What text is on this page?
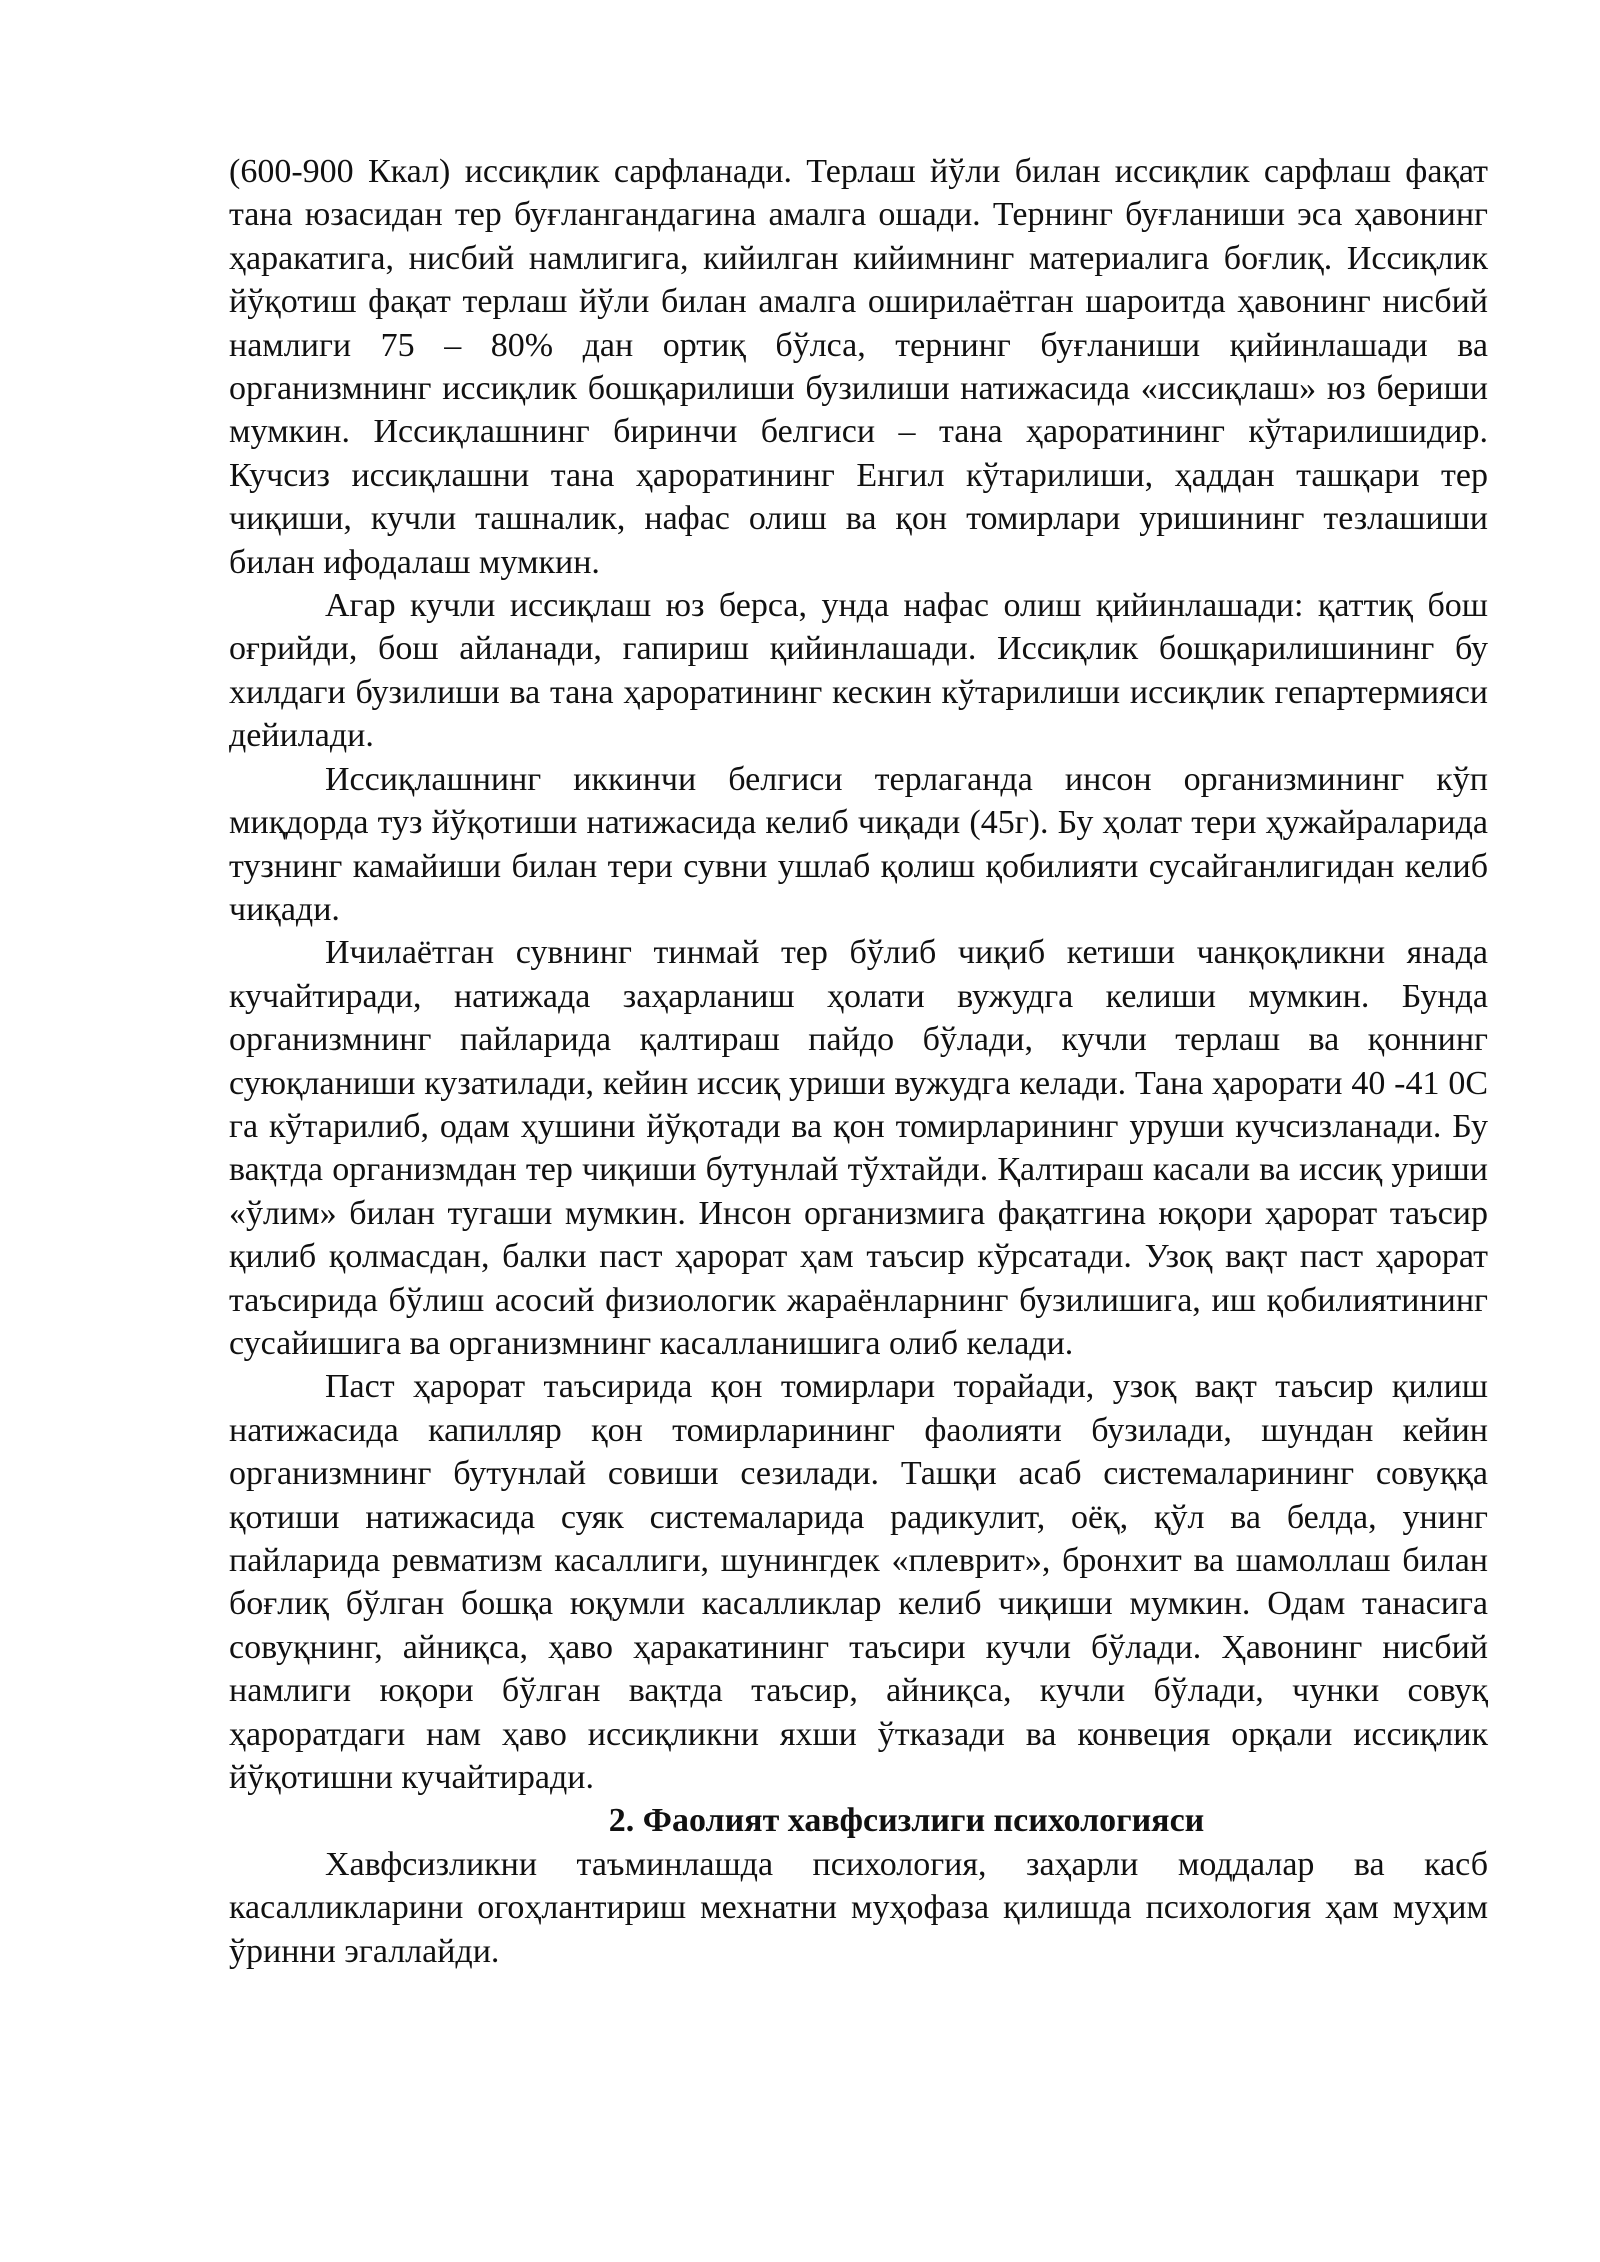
(600-900 Ккал) иссиқлик сарфланади. Терлаш йўли билан иссиқлик сарфлаш фақат тана юзасидан тер буғлангандагина амалга ошади. Тернинг буғланиши эса ҳавонинг ҳаракатига, нисбий намлигига, кийилган кийимнинг материалига боғлиқ. Иссиқлик йўқотиш фақат терлаш йўли билан амалга оширилаётган шароитда ҳавонинг нисбий намлиги 75 – 80% дан ортиқ бўлса, тернинг буғланиши қийинлашади ва организмнинг иссиқлик бошқарилиши бузилиши натижасида «иссиқлаш» юз бериши мумкин. Иссиқлашнинг биринчи белгиси – тана ҳароратининг кўтарилишидир. Кучсиз иссиқлашни тана ҳароратининг Енгил кўтарилиши, ҳаддан ташқари тер чиқиши, кучли ташналик, нафас олиш ва қон томирлари уришининг тезлашиши билан ифодалаш мумкин.

Агар кучли иссиқлаш юз берса, унда нафас олиш қийинлашади: қаттиқ бош оғрийди, бош айланади, гапириш қийинлашади. Иссиқлик бошқарилишининг бу хилдаги бузилиши ва тана ҳароратининг кескин кўтарилиши иссиқлик гепартермияси дейилади.

Иссиқлашнинг иккинчи белгиси терлаганда инсон организмининг кўп миқдорда туз йўқотиши натижасида келиб чиқади (45г). Бу ҳолат тери ҳужайраларида тузнинг камайиши билан тери сувни ушлаб қолиш қобилияти сусайганлигидан келиб чиқади.

Ичилаётган сувнинг тинмай тер бўлиб чиқиб кетиши чанқоқликни янада кучайтиради, натижада заҳарланиш ҳолати вужудга келиши мумкин. Бунда организмнинг пайларида қалтираш пайдо бўлади, кучли терлаш ва қоннинг суюқланиши кузатилади, кейин иссиқ уриши вужудга келади. Тана ҳарорати 40 -41 0С га кўтарилиб, одам ҳушини йўқотади ва қон томирларининг уруши кучсизланади. Бу вақтда организмдан тер чиқиши бутунлай тўхтайди. Қалтираш касали ва иссиқ уриши «ўлим» билан тугаши мумкин. Инсон организмига фақатгина юқори ҳарорат таъсир қилиб қолмасдан, балки паст ҳарорат ҳам таъсир кўрсатади. Узоқ вақт паст ҳарорат таъсирида бўлиш асосий физиологик жараёнларнинг бузилишига, иш қобилиятининг сусайишига ва организмнинг касалланишига олиб келади.

Паст ҳарорат таъсирида қон томирлари торайади, узоқ вақт таъсир қилиш натижасида капилляр қон томирларининг фаолияти бузилади, шундан кейин организмнинг бутунлай совиши сезилади. Ташқи асаб системаларининг совуққа қотиши натижасида суяк системаларида радикулит, оёқ, қўл ва белда, унинг пайларида ревматизм касаллиги, шунингдек «плеврит», бронхит ва шамоллаш билан боғлиқ бўлган бошқа юқумли касалликлар келиб чиқиши мумкин. Одам танасига совуқнинг, айниқса, ҳаво ҳаракатининг таъсири кучли бўлади. Ҳавонинг нисбий намлиги юқори бўлган вақтда таъсир, айниқса, кучли бўлади, чунки совуқ ҳароратдаги нам ҳаво иссиқликни яхши ўтказади ва конвеция орқали иссиқлик йўқотишни кучайтиради.

2. Фаолият хавфсизлиги психологияси

Хавфсизликни таъминлашда психология, заҳарли моддалар ва касб касалликларини огоҳлантириш мехнатни муҳофаза қилишда психология ҳам муҳим ўринни эгаллайди.
